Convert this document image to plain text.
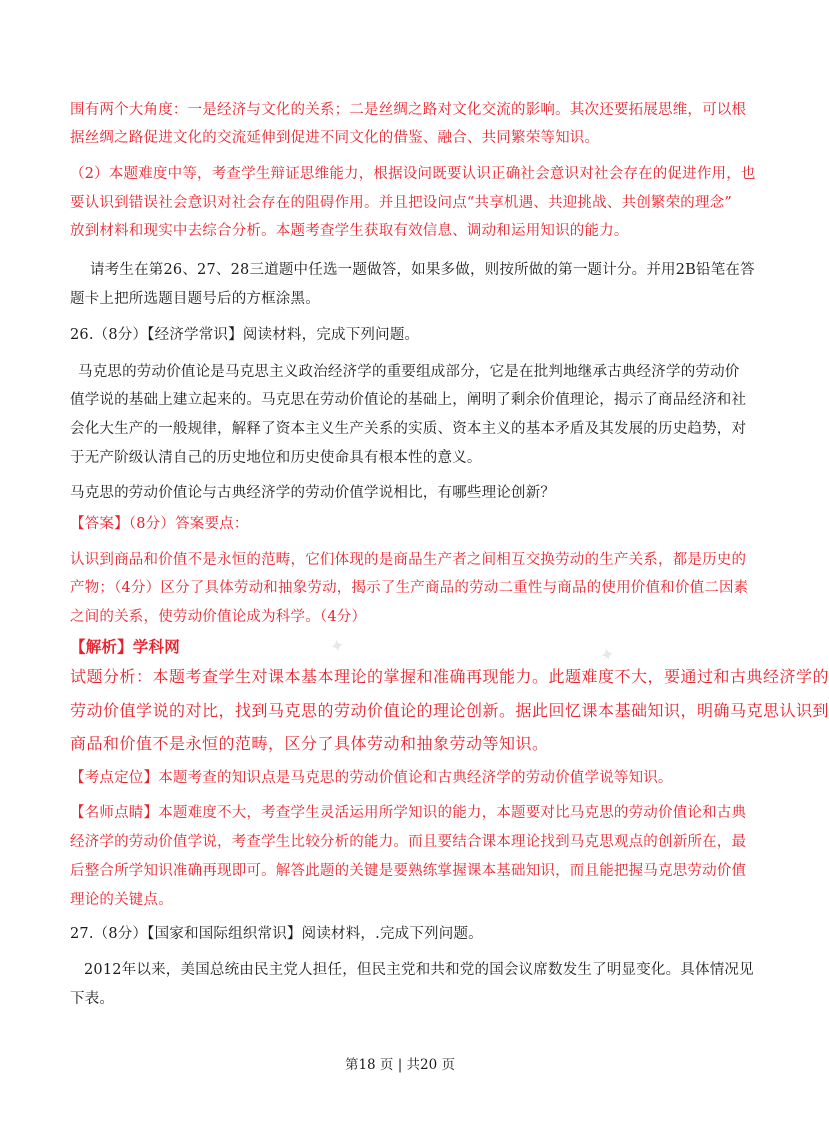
围有两个大角度：一是经济与文化的关系；二是丝绸之路对文化交流的影响。其次还要拓展思维，可以根
据丝绸之路促进文化的交流延伸到促进不同文化的借鉴、融合、共同繁荣等知识。
（2）本题难度中等，考查学生辩证思维能力，根据设问既要认识正确社会意识对社会存在的促进作用，也
要认识到错误社会意识对社会存在的阻碍作用。并且把设问点“共享机遇、共迎挑战、共创繁荣的理念”
放到材料和现实中去综合分析。本题考查学生获取有效信息、调动和运用知识的能力。
请考生在第26、27、28三道题中任选一题做答，如果多做，则按所做的第一题计分。并用2B铅笔在答
题卡上把所选题目题号后的方框涂黑。
26.（8分）【经济学常识】阅读材料，完成下列问题。
马克思的劳动价值论是马克思主义政治经济学的重要组成部分，它是在批判地继承古典经济学的劳动价
值学说的基础上建立起来的。马克思在劳动价值论的基础上，阐明了剩余价值理论，揭示了商品经济和社
会化大生产的一般规律，解释了资本主义生产关系的实质、资本主义的基本矛盾及其发展的历史趋势，对
于无产阶级认清自己的历史地位和历史使命具有根本性的意义。
马克思的劳动价值论与古典经济学的劳动价值学说相比，有哪些理论创新？
【答案】（8分）答案要点：
认识到商品和价值不是永恒的范畴，它们体现的是商品生产者之间相互交换劳动的生产关系，都是历史的
产物；（4分）区分了具体劳动和抽象劳动，揭示了生产商品的劳动二重性与商品的使用价值和价值二因素
之间的关系，使劳动价值论成为科学。（4分）
✦	✦
【解析】学科网
试题分析：本题考查学生对课本基本理论的掌握和准确再现能力。此题难度不大，要通过和古典经济学的
劳动价值学说的对比，找到马克思的劳动价值论的理论创新。据此回忆课本基础知识，明确马克思认识到
商品和价值不是永恒的范畴，区分了具体劳动和抽象劳动等知识。
【考点定位】本题考查的知识点是马克思的劳动价值论和古典经济学的劳动价值学说等知识。
【名师点睛】本题难度不大，考查学生灵活运用所学知识的能力，本题要对比马克思的劳动价值论和古典
经济学的劳动价值学说，考查学生比较分析的能力。而且要结合课本理论找到马克思观点的创新所在，最
后整合所学知识准确再现即可。解答此题的关键是要熟练掌握课本基础知识，而且能把握马克思劳动价值
理论的关键点。
27.（8分）【国家和国际组织常识】阅读材料，.完成下列问题。
2012年以来，美国总统由民主党人担任，但民主党和共和党的国会议席数发生了明显变化。具体情况见
下表。
第18 页 | 共20 页
